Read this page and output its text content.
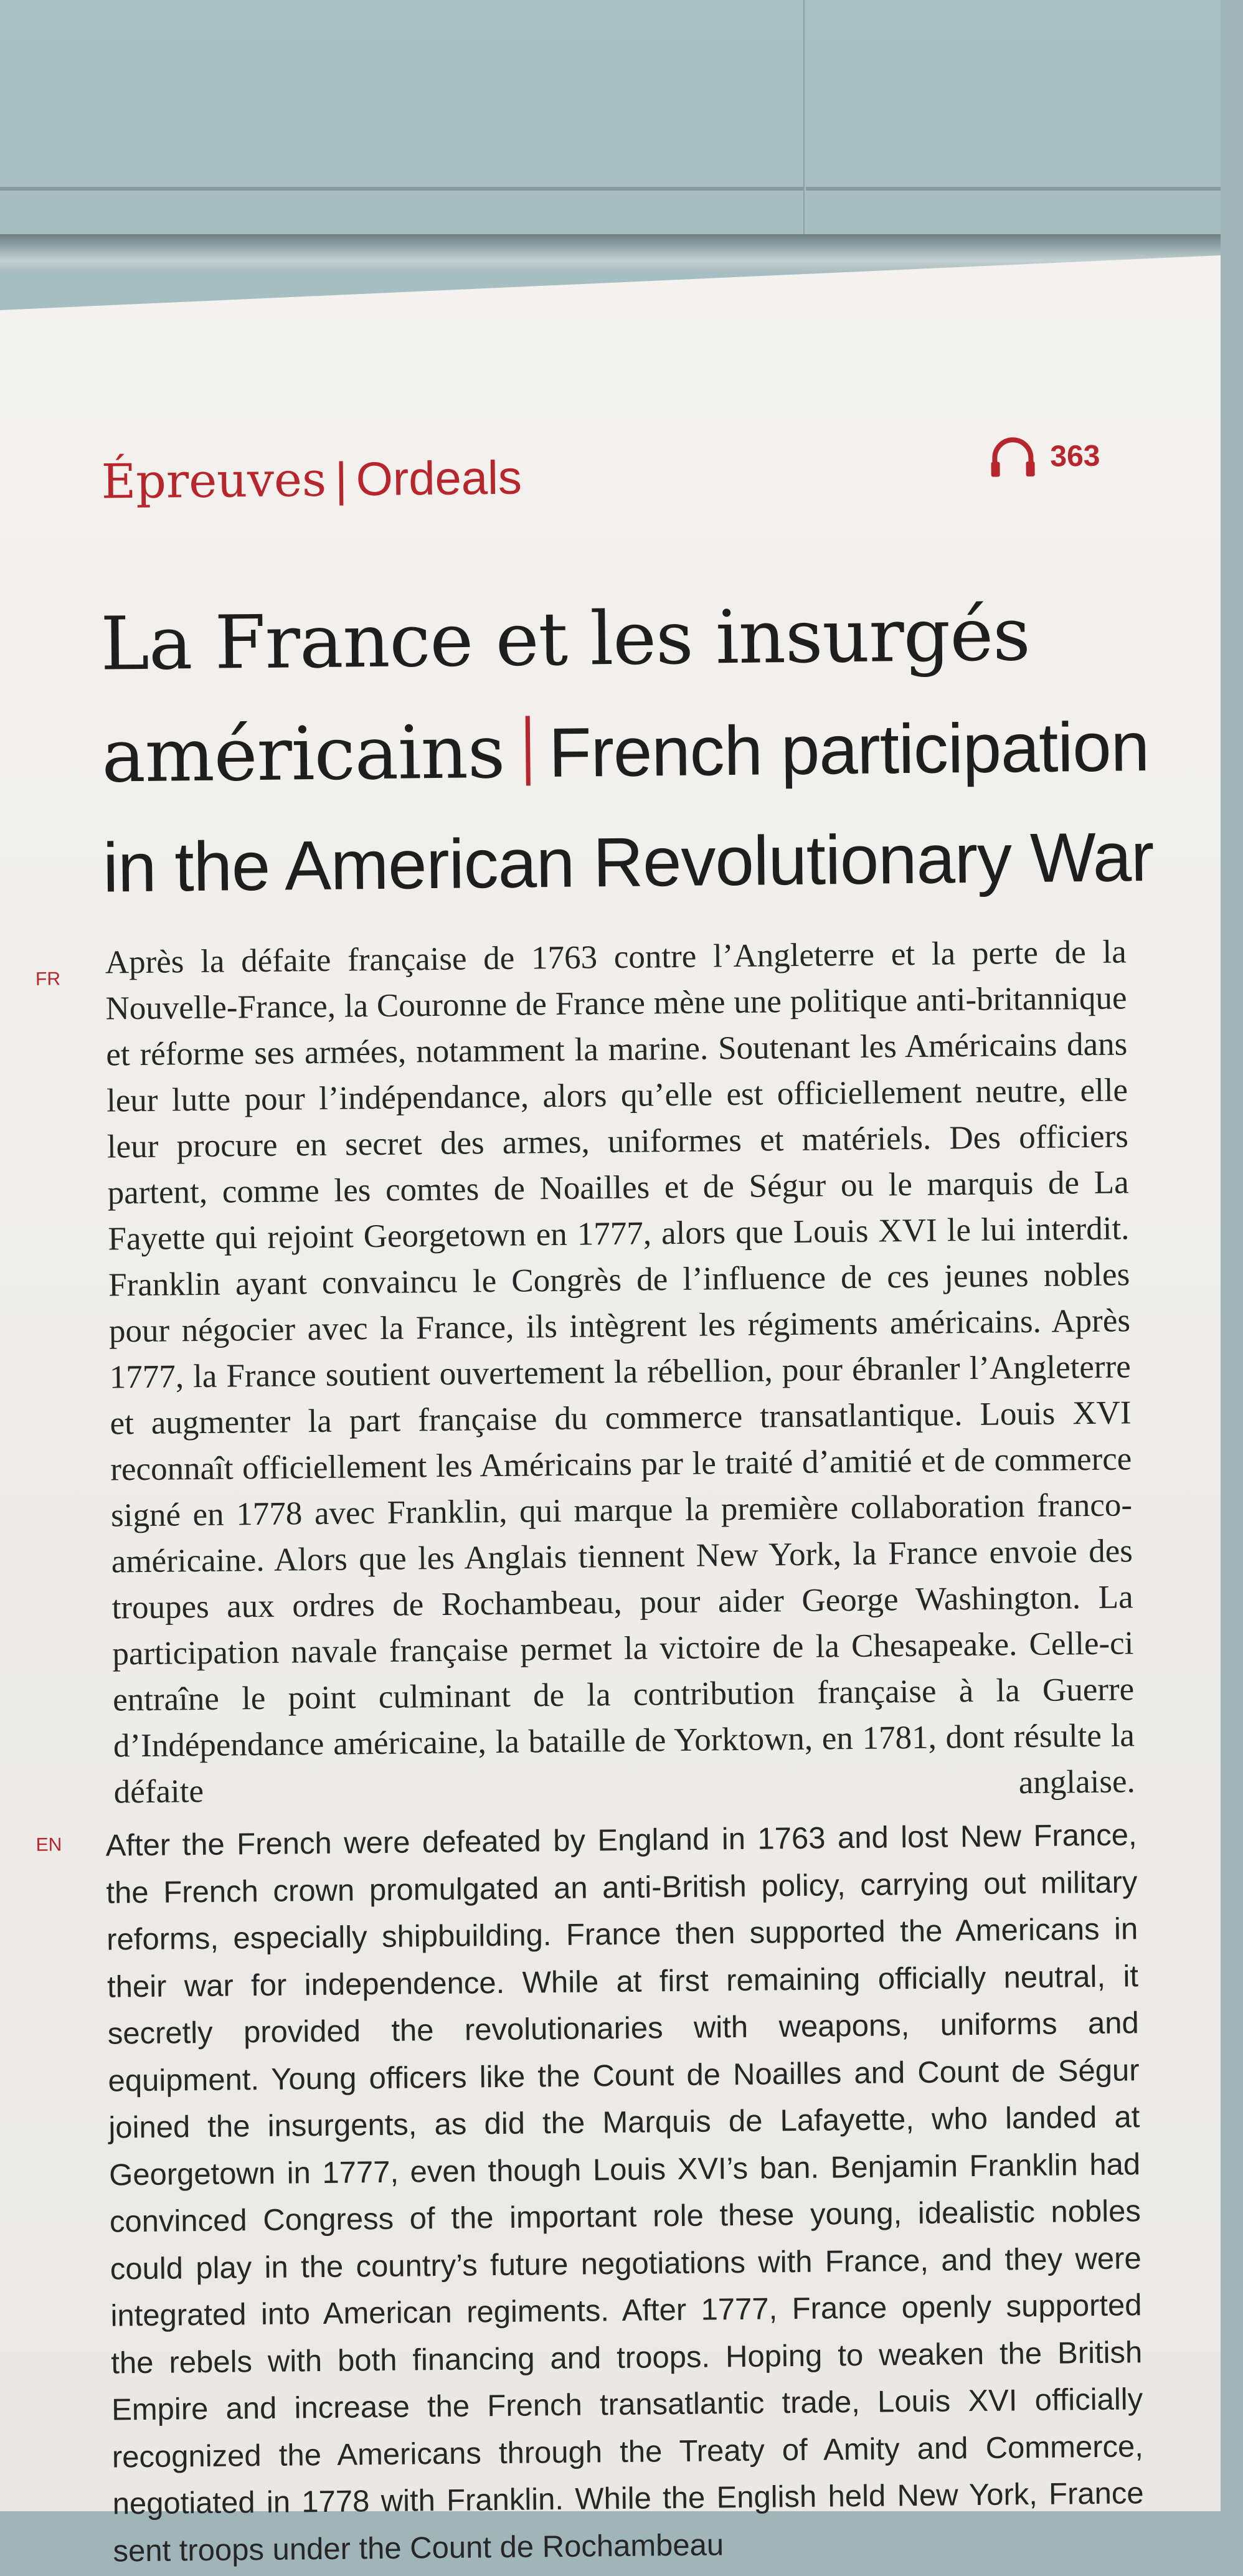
Épreuves | Ordeals	363
La France et les insurgés américains French participation in the American Revolutionary War

FR Après la défaite française de 1763 contre l’Angleterre et la perte de la Nouvelle-France, la Couronne de France mène une politique anti-britannique et réforme ses armées, notamment la marine. Soutenant les Américains dans leur lutte pour l’indépendance, alors qu’elle est officiellement neutre, elle leur procure en secret des armes, uniformes et matériels. Des officiers partent, comme les comtes de Noailles et de Ségur ou le marquis de La Fayette qui rejoint Georgetown en 1777, alors que Louis XVI le lui interdit. Franklin ayant convaincu le Congrès de l’influence de ces jeunes nobles pour négocier avec la France, ils intègrent les régiments américains. Après 1777, la France soutient ouvertement la rébellion, pour ébranler l’Angleterre et augmenter la part française du commerce transatlantique. Louis XVI reconnaît officiellement les Américains par le traité d’amitié et de commerce signé en 1778 avec Franklin, qui marque la première collaboration franco-américaine. Alors que les Anglais tiennent New York, la France envoie des troupes aux ordres de Rochambeau, pour aider George Washington. La participation navale française permet la victoire de la Chesapeake. Celle-ci entraîne le point culminant de la contribution française à la Guerre d’Indépendance américaine, la bataille de Yorktown, en 1781, dont résulte la défaite anglaise.

EN After the French were defeated by England in 1763 and lost New France, the French crown promulgated an anti-British policy, carrying out military reforms, especially shipbuilding. France then supported the Americans in their war for independence. While at first remaining officially neutral, it secretly provided the revolutionaries with weapons, uniforms and equipment. Young officers like the Count de Noailles and Count de Ségur joined the insurgents, as did the Marquis de Lafayette, who landed at Georgetown in 1777, even though Louis XVI’s ban. Benjamin Franklin had convinced Congress of the important role these young, idealistic nobles could play in the country’s future negotiations with France, and they were integrated into American regiments. After 1777, France openly supported the rebels with both financing and troops. Hoping to weaken the British Empire and increase the French transatlantic trade, Louis XVI officially recognized the Americans through the Treaty of Amity and Commerce, negotiated in 1778 with Franklin. While the English held New York, France sent troops under the Count de Rochambeau
